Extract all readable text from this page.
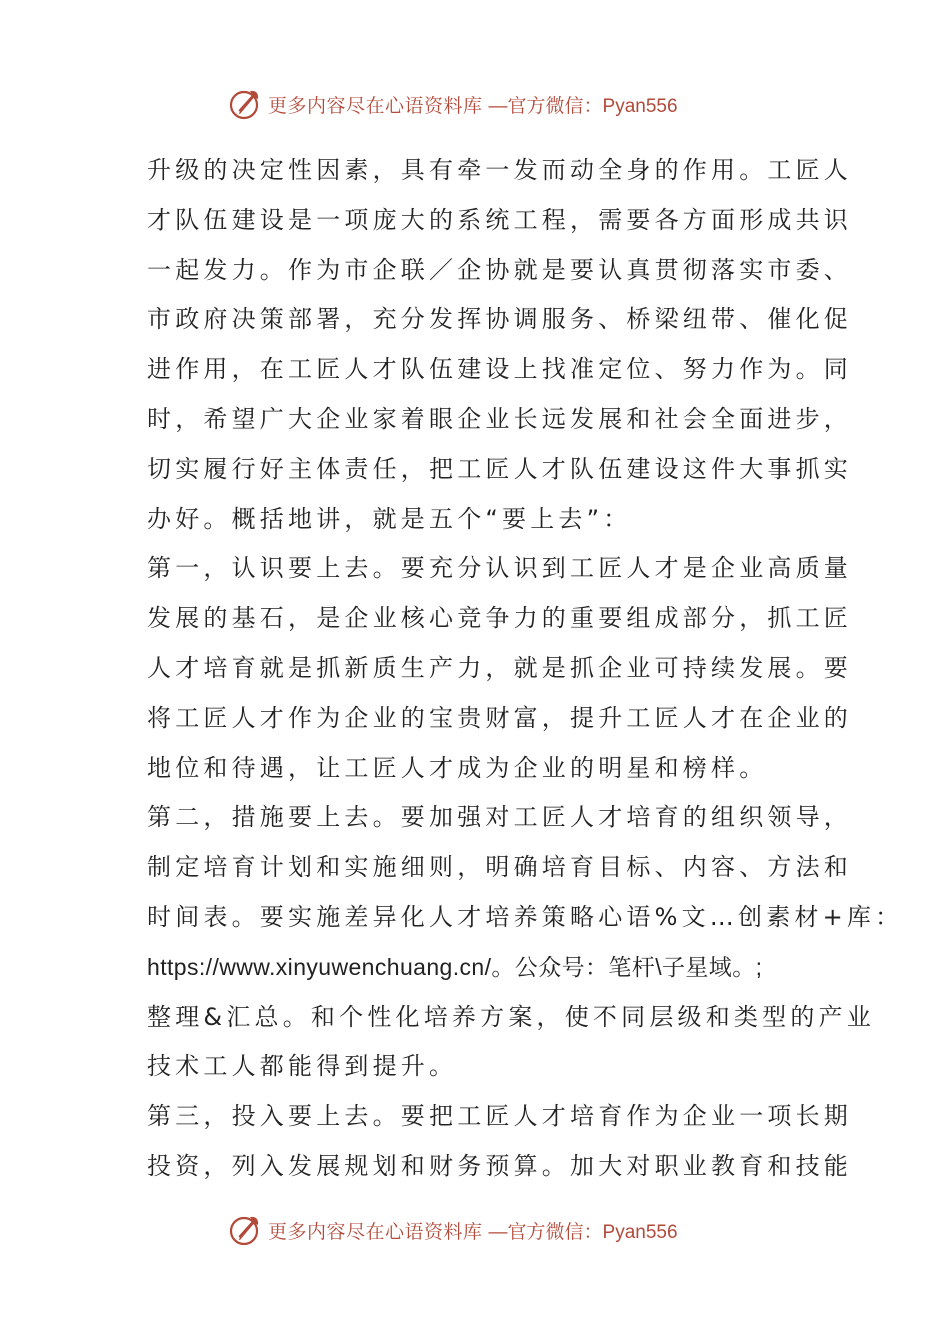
更多内容尽在心语资料库 —官方微信：Pyan556
升级的决定性因素，具有牵一发而动全身的作用。工匠人
才队伍建设是一项庞大的系统工程，需要各方面形成共识
一起发力。作为市企联／企协就是要认真贯彻落实市委、
市政府决策部署，充分发挥协调服务、桥梁纽带、催化促
进作用，在工匠人才队伍建设上找准定位、努力作为。同
时，希望广大企业家着眼企业长远发展和社会全面进步，
切实履行好主体责任，把工匠人才队伍建设这件大事抓实
办好。概括地讲，就是五个“要上去”：
第一，认识要上去。要充分认识到工匠人才是企业高质量
发展的基石，是企业核心竞争力的重要组成部分，抓工匠
人才培育就是抓新质生产力，就是抓企业可持续发展。要
将工匠人才作为企业的宝贵财富，提升工匠人才在企业的
地位和待遇，让工匠人才成为企业的明星和榜样。
第二，措施要上去。要加强对工匠人才培育的组织领导，
制定培育计划和实施细则，明确培育目标、内容、方法和
时间表。要实施差异化人才培养策略心语%文…创素材+库：
https://www.xinyuwenchuang.cn/。公众号：笔杆\子星域。;
整理&汇总。和个性化培养方案，使不同层级和类型的产业
技术工人都能得到提升。
第三，投入要上去。要把工匠人才培育作为企业一项长期
投资，列入发展规划和财务预算。加大对职业教育和技能
更多内容尽在心语资料库 —官方微信：Pyan556
